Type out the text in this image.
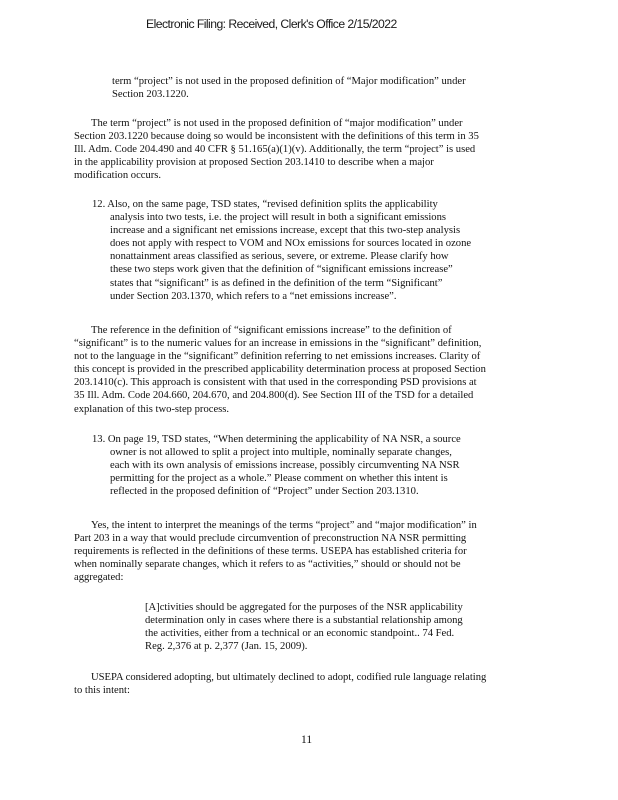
Electronic Filing: Received, Clerk's Office 2/15/2022
term “project” is not used in the proposed definition of “Major modification” under
Section 203.1220.
The term “project” is not used in the proposed definition of “major modification” under
Section 203.1220 because doing so would be inconsistent with the definitions of this term in 35
Ill. Adm. Code 204.490 and 40 CFR § 51.165(a)(1)(v). Additionally, the term “project” is used
in the applicability provision at proposed Section 203.1410 to describe when a major
modification occurs.
12. Also, on the same page, TSD states, “revised definition splits the applicability
analysis into two tests, i.e. the project will result in both a significant emissions
increase and a significant net emissions increase, except that this two-step analysis
does not apply with respect to VOM and NOx emissions for sources located in ozone
nonattainment areas classified as serious, severe, or extreme. Please clarify how
these two steps work given that the definition of “significant emissions increase”
states that “significant” is as defined in the definition of the term “Significant”
under Section 203.1370, which refers to a “net emissions increase”.
The reference in the definition of “significant emissions increase” to the definition of
“significant” is to the numeric values for an increase in emissions in the “significant” definition,
not to the language in the “significant” definition referring to net emissions increases. Clarity of
this concept is provided in the prescribed applicability determination process at proposed Section
203.1410(c). This approach is consistent with that used in the corresponding PSD provisions at
35 Ill. Adm. Code 204.660, 204.670, and 204.800(d). See Section III of the TSD for a detailed
explanation of this two-step process.
13. On page 19, TSD states, “When determining the applicability of NA NSR, a source
owner is not allowed to split a project into multiple, nominally separate changes,
each with its own analysis of emissions increase, possibly circumventing NA NSR
permitting for the project as a whole.” Please comment on whether this intent is
reflected in the proposed definition of “Project” under Section 203.1310.
Yes, the intent to interpret the meanings of the terms “project” and “major modification” in
Part 203 in a way that would preclude circumvention of preconstruction NA NSR permitting
requirements is reflected in the definitions of these terms. USEPA has established criteria for
when nominally separate changes, which it refers to as “activities,” should or should not be
aggregated:
[A]ctivities should be aggregated for the purposes of the NSR applicability
determination only in cases where there is a substantial relationship among
the activities, either from a technical or an economic standpoint.. 74 Fed.
Reg. 2,376 at p. 2,377 (Jan. 15, 2009).
USEPA considered adopting, but ultimately declined to adopt, codified rule language relating
to this intent:
11
